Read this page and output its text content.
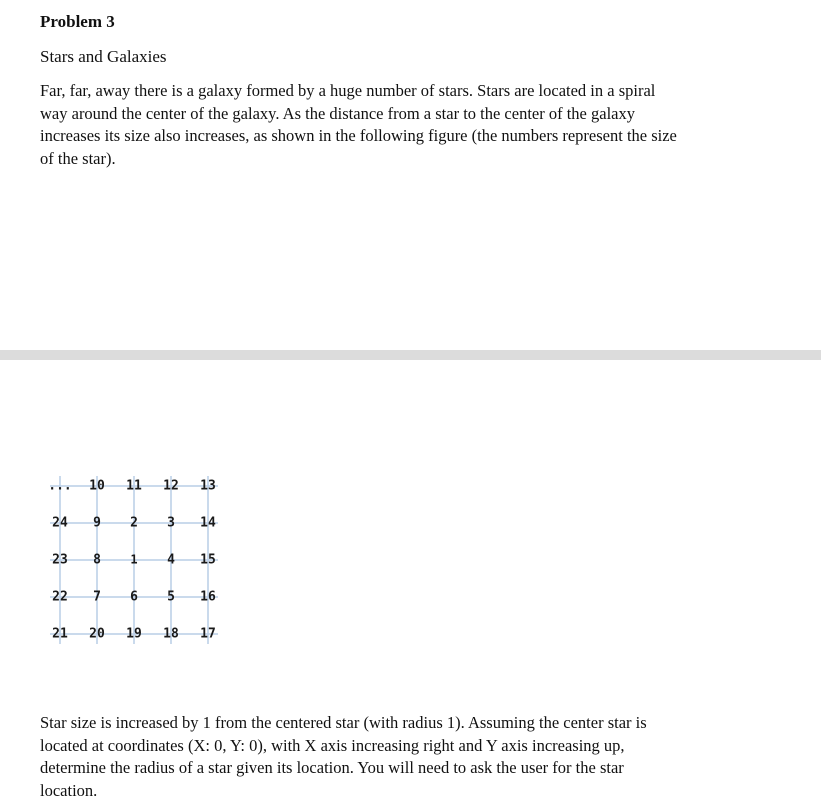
Problem 3

Stars and Galaxies

Far, far, away there is a galaxy formed by a huge number of stars. Stars are located in a spiral
way around the center of the galaxy. As the distance from a star to the center of the galaxy
increases its size also increases, as shown in the following figure (the numbers represent the size
of the star).

... 10 11 12 13
24 9 2 3 14
23 8 1 4 15
22 7 6 5 16
21 20 19 18 17

Star size is increased by 1 from the centered star (with radius 1). Assuming the center star is
located at coordinates (X: 0, Y: 0), with X axis increasing right and Y axis increasing up,
determine the radius of a star given its location. You will need to ask the user for the star
location.
